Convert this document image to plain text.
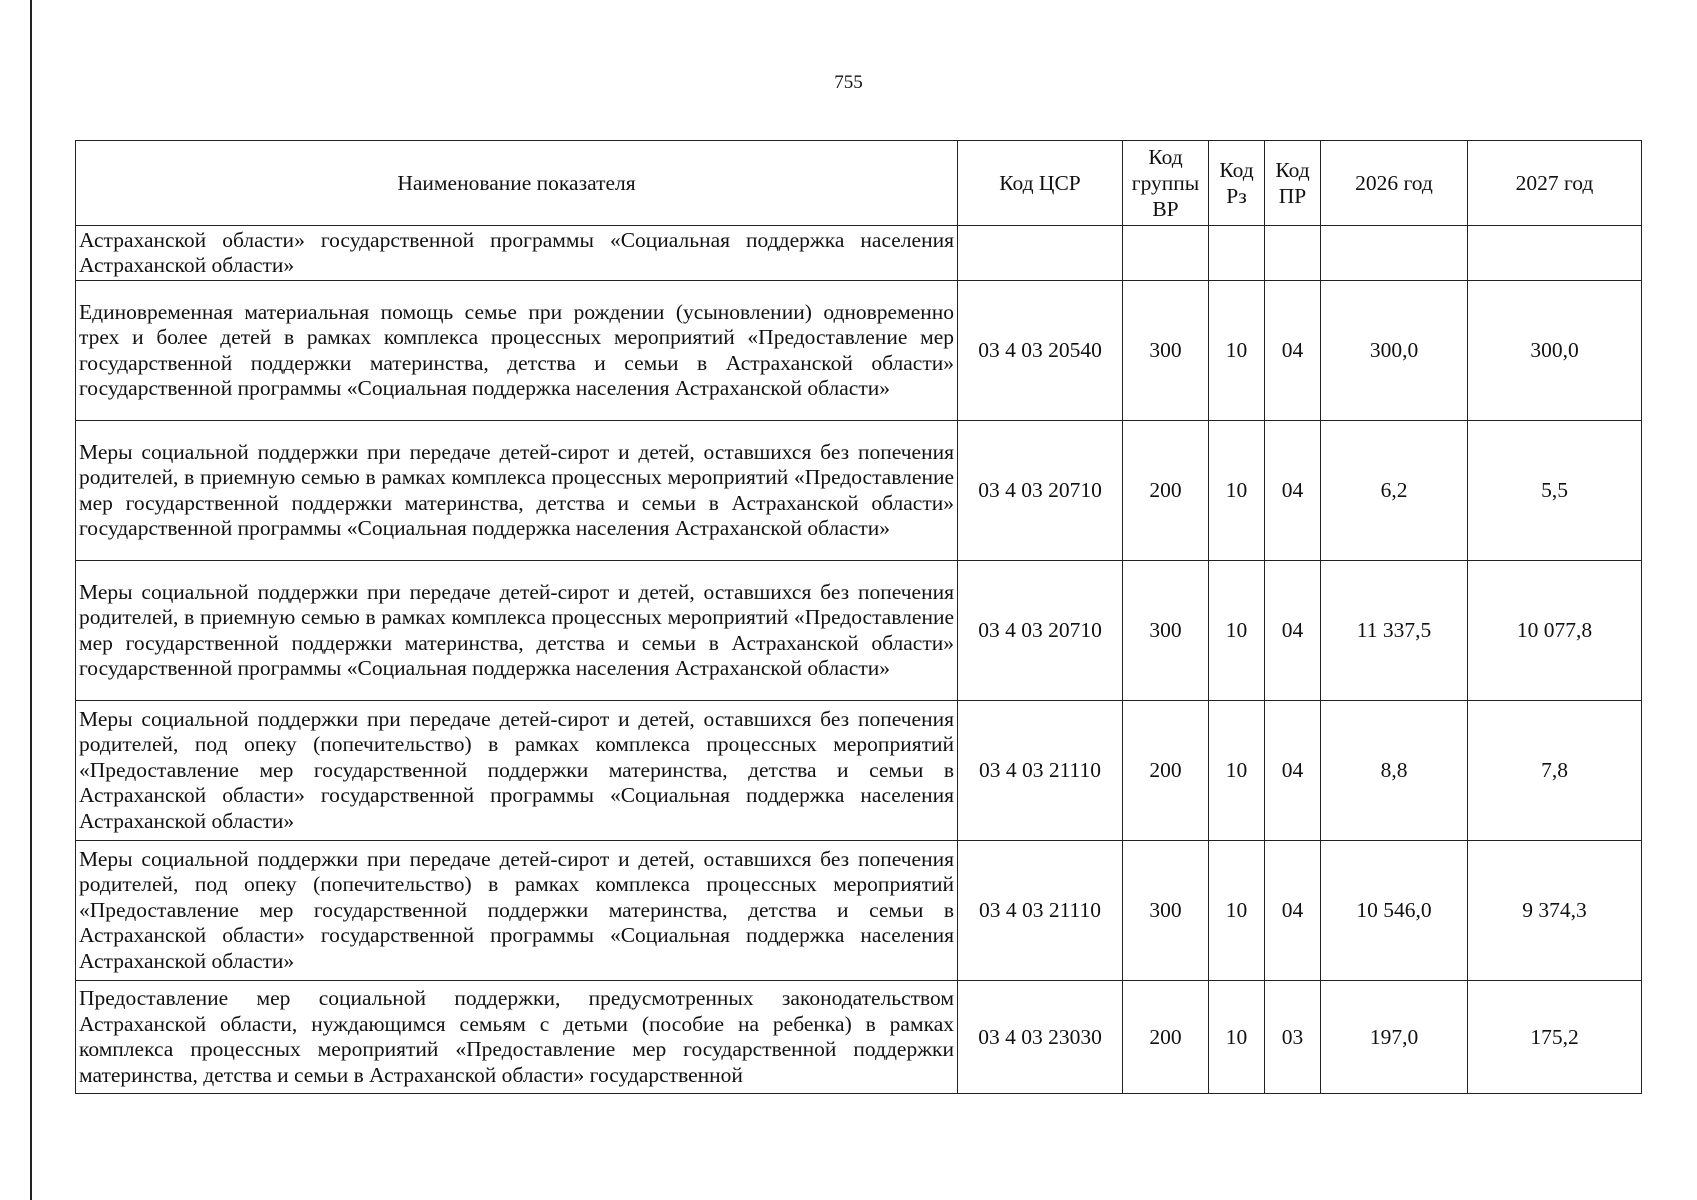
755
Наименование показателя	Код ЦСР	Код группы ВР	Код Рз	Код ПР	2026 год	2027 год
Астраханской области» государственной программы «Социальная поддержка населения Астраханской области»						
Единовременная материальная помощь семье при рождении (усыновлении) одновременно трех и более детей в рамках комплекса процессных мероприятий «Предоставление мер государственной поддержки материнства, детства и семьи в Астраханской области» государственной программы «Социальная поддержка населения Астраханской области»	03 4 03 20540	300	10	04	300,0	300,0
Меры социальной поддержки при передаче детей-сирот и детей, оставшихся без попечения родителей, в приемную семью в рамках комплекса процессных мероприятий «Предоставление мер государственной поддержки материнства, детства и семьи в Астраханской области» государственной программы «Социальная поддержка населения Астраханской области»	03 4 03 20710	200	10	04	6,2	5,5
Меры социальной поддержки при передаче детей-сирот и детей, оставшихся без попечения родителей, в приемную семью в рамках комплекса процессных мероприятий «Предоставление мер государственной поддержки материнства, детства и семьи в Астраханской области» государственной программы «Социальная поддержка населения Астраханской области»	03 4 03 20710	300	10	04	11 337,5	10 077,8
Меры социальной поддержки при передаче детей-сирот и детей, оставшихся без попечения родителей, под опеку (попечительство) в рамках комплекса процессных мероприятий «Предоставление мер государственной поддержки материнства, детства и семьи в Астраханской области» государственной программы «Социальная поддержка населения Астраханской области»	03 4 03 21110	200	10	04	8,8	7,8
Меры социальной поддержки при передаче детей-сирот и детей, оставшихся без попечения родителей, под опеку (попечительство) в рамках комплекса процессных мероприятий «Предоставление мер государственной поддержки материнства, детства и семьи в Астраханской области» государственной программы «Социальная поддержка населения Астраханской области»	03 4 03 21110	300	10	04	10 546,0	9 374,3
Предоставление мер социальной поддержки, предусмотренных законодательством Астраханской области, нуждающимся семьям с детьми (пособие на ребенка) в рамках комплекса процессных мероприятий «Предоставление мер государственной поддержки материнства, детства и семьи в Астраханской области» государственной	03 4 03 23030	200	10	03	197,0	175,2
